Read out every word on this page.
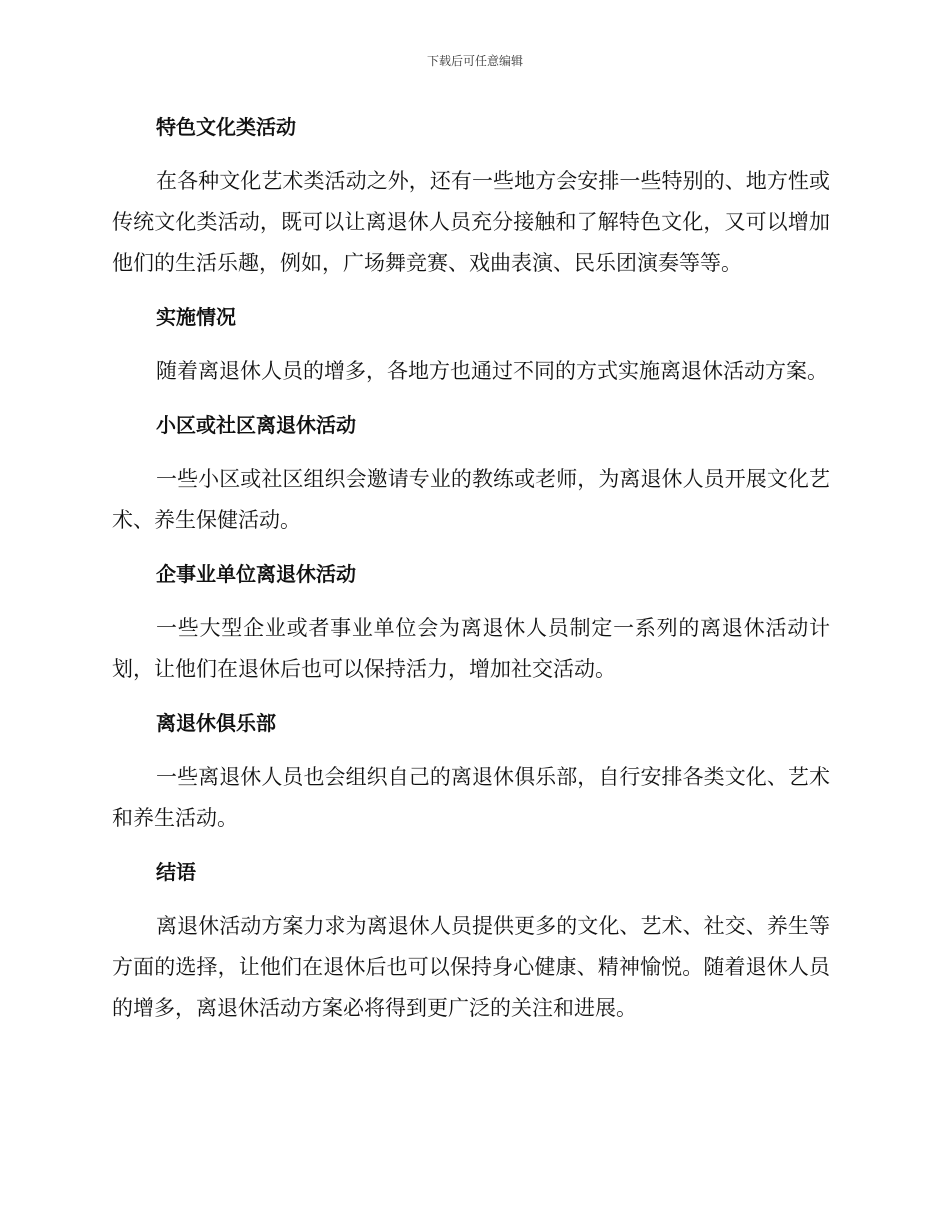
下载后可任意编辑
特色文化类活动

在各种文化艺术类活动之外，还有一些地方会安排一些特别的、地方性或传统文化类活动，既可以让离退休人员充分接触和了解特色文化，又可以增加他们的生活乐趣，例如，广场舞竞赛、戏曲表演、民乐团演奏等等。

实施情况

随着离退休人员的增多，各地方也通过不同的方式实施离退休活动方案。

小区或社区离退休活动

一些小区或社区组织会邀请专业的教练或老师，为离退休人员开展文化艺术、养生保健活动。

企事业单位离退休活动

一些大型企业或者事业单位会为离退休人员制定一系列的离退休活动计划，让他们在退休后也可以保持活力，增加社交活动。

离退休俱乐部

一些离退休人员也会组织自己的离退休俱乐部，自行安排各类文化、艺术和养生活动。

结语

离退休活动方案力求为离退休人员提供更多的文化、艺术、社交、养生等方面的选择，让他们在退休后也可以保持身心健康、精神愉悦。随着退休人员的增多，离退休活动方案必将得到更广泛的关注和进展。
